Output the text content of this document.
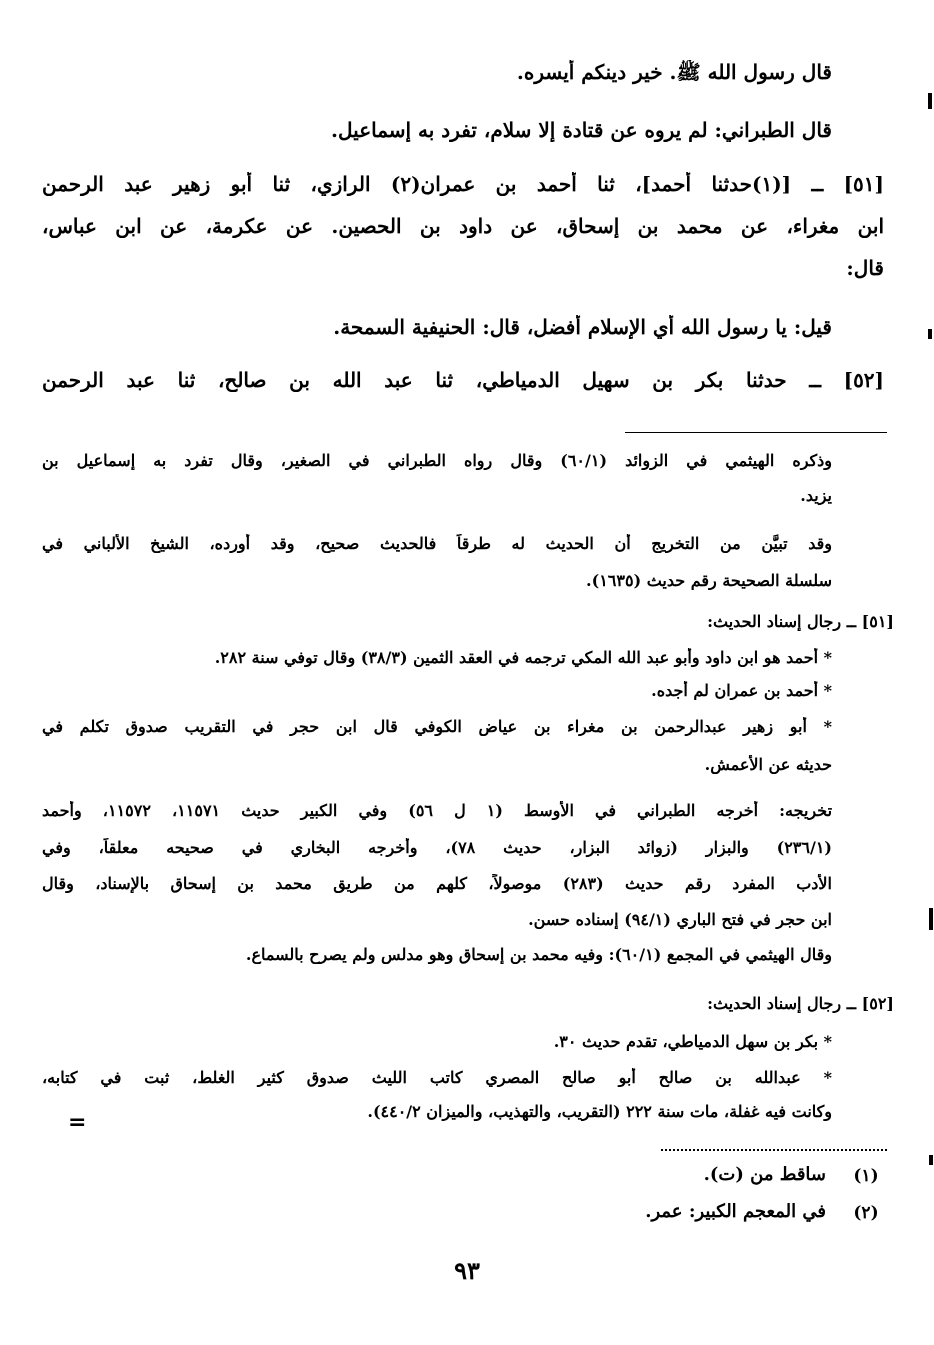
قال رسول الله ﷺ. خير دينكم أيسره.
قال الطبراني: لم يروه عن قتادة إلا سلام، تفرد به إسماعيل.
[٥١] ــ [(١)حدثنا أحمد]، ثنا أحمد بن عمران(٢) الرازي، ثنا أبو زهير عبد الرحمن
ابن مغراء، عن محمد بن إسحاق، عن داود بن الحصين. عن عكرمة، عن ابن عباس،
قال:
قيل: يا رسول الله أي الإسلام أفضل، قال: الحنيفية السمحة.
[٥٢] ــ حدثنا بكر بن سهيل الدمياطي، ثنا عبد الله بن صالح، ثنا عبد الرحمن
وذكره الهيثمي في الزوائد (٦٠/١) وقال رواه الطبراني في الصغير، وقال تفرد به إسماعيل بن
يزيد.
وقد تبيَّن من التخريج أن الحديث له طرقاً فالحديث صحيح، وقد أورده، الشيخ الألباني في
سلسلة الصحيحة رقم حديث (١٦٣٥).
[٥١] ــ رجال إسناد الحديث:
* أحمد هو ابن داود وأبو عبد الله المكي ترجمه في العقد الثمين (٣٨/٣) وقال توفي سنة ٢٨٢.
* أحمد بن عمران لم أجده.
* أبو زهير عبدالرحمن بن مغراء بن عياض الكوفي قال ابن حجر في التقريب صدوق تكلم في
حديثه عن الأعمش.
تخريجه: أخرجه الطبراني في الأوسط (١ ل ٥٦) وفي الكبير حديث ١١٥٧١، ١١٥٧٢، وأحمد
(٢٣٦/١) والبزار (زوائد البزار، حديث ٧٨)، وأخرجه البخاري في صحيحه معلقاً، وفي
الأدب المفرد رقم حديث (٢٨٣) موصولاً، كلهم من طريق محمد بن إسحاق بالإسناد، وقال
ابن حجر في فتح الباري (٩٤/١) إسناده حسن.
وقال الهيثمي في المجمع (٦٠/١): وفيه محمد بن إسحاق وهو مدلس ولم يصرح بالسماع.
[٥٢] ــ رجال إسناد الحديث:
* بكر بن سهل الدمياطي، تقدم حديث ٣٠.
* عبدالله بن صالح أبو صالح المصري كاتب الليث صدوق كثير الغلط، ثبت في كتابه،
وكانت فيه غفلة، مات سنة ٢٢٢ (التقريب، والتهذيب، والميزان ٤٤٠/٢).
=
(١)
ساقط من (ت).
(٢)
في المعجم الكبير: عمر.
٩٣
